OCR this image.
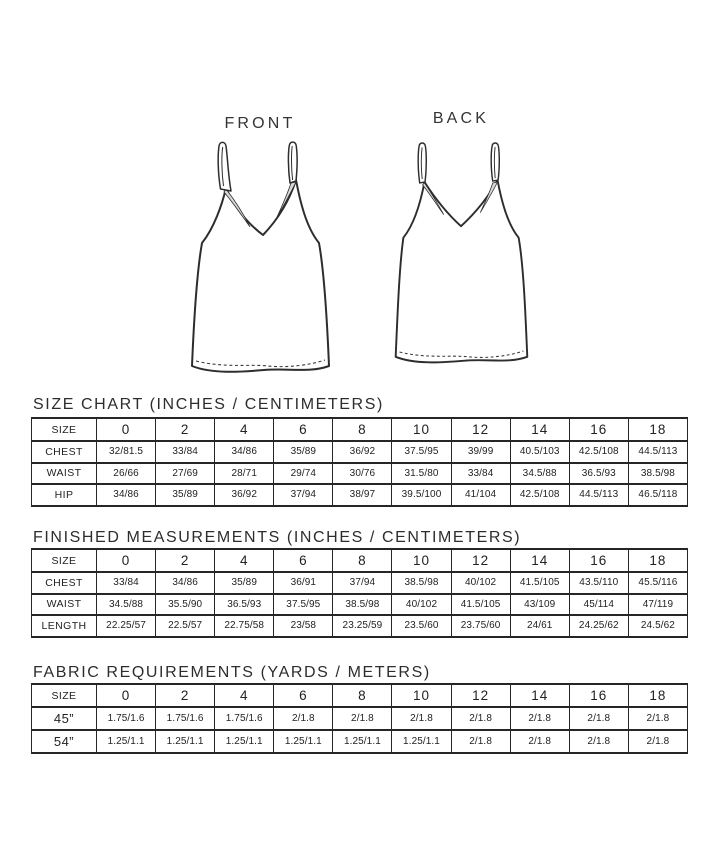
FRONT	BACK
SIZE CHART (INCHES / CENTIMETERS)
SIZE	0	2	4	6	8	10	12	14	16	18
CHEST	32/81.5	33/84	34/86	35/89	36/92	37.5/95	39/99	40.5/103	42.5/108	44.5/113
WAIST	26/66	27/69	28/71	29/74	30/76	31.5/80	33/84	34.5/88	36.5/93	38.5/98
HIP	34/86	35/89	36/92	37/94	38/97	39.5/100	41/104	42.5/108	44.5/113	46.5/118
FINISHED MEASUREMENTS (INCHES / CENTIMETERS)
SIZE	0	2	4	6	8	10	12	14	16	18
CHEST	33/84	34/86	35/89	36/91	37/94	38.5/98	40/102	41.5/105	43.5/110	45.5/116
WAIST	34.5/88	35.5/90	36.5/93	37.5/95	38.5/98	40/102	41.5/105	43/109	45/114	47/119
LENGTH	22.25/57	22.5/57	22.75/58	23/58	23.25/59	23.5/60	23.75/60	24/61	24.25/62	24.5/62
FABRIC REQUIREMENTS (YARDS / METERS)
SIZE	0	2	4	6	8	10	12	14	16	18
45”	1.75/1.6	1.75/1.6	1.75/1.6	2/1.8	2/1.8	2/1.8	2/1.8	2/1.8	2/1.8	2/1.8
54”	1.25/1.1	1.25/1.1	1.25/1.1	1.25/1.1	1.25/1.1	1.25/1.1	2/1.8	2/1.8	2/1.8	2/1.8
